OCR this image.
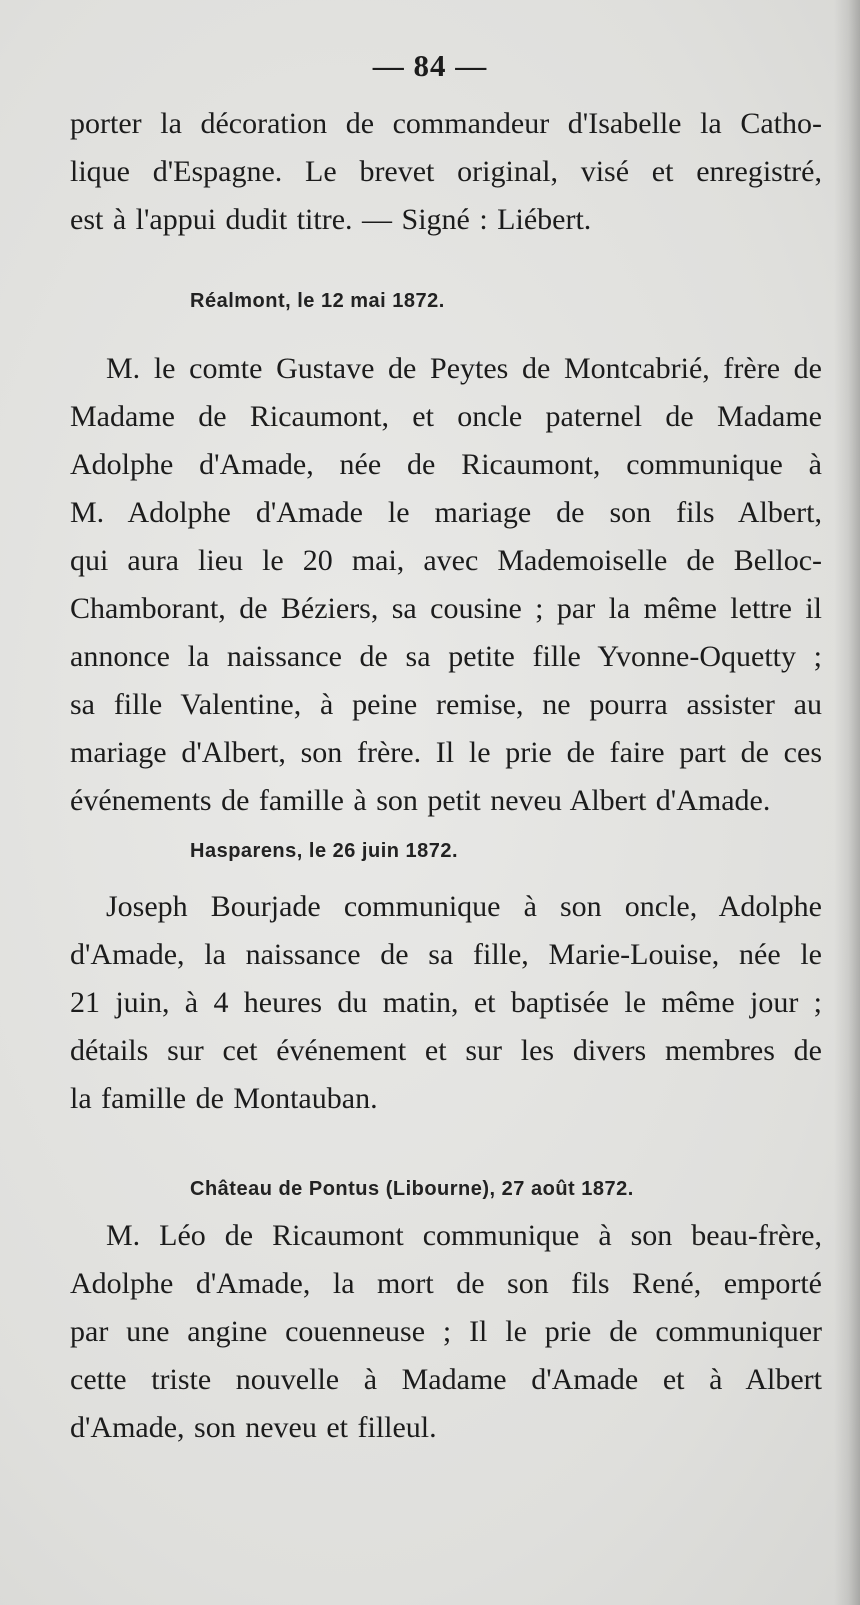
— 84 —
porter la décoration de commandeur d'Isabelle la Catho-
lique d'Espagne. Le brevet original, visé et enregistré,
est à l'appui dudit titre. — Signé : Liébert.
Réalmont, le 12 mai 1872.
M. le comte Gustave de Peytes de Montcabrié, frère de
Madame de Ricaumont, et oncle paternel de Madame
Adolphe d'Amade, née de Ricaumont, communique à
M. Adolphe d'Amade le mariage de son fils Albert,
qui aura lieu le 20 mai, avec Mademoiselle de Belloc-
Chamborant, de Béziers, sa cousine ; par la même lettre il
annonce la naissance de sa petite fille Yvonne-Oquetty ;
sa fille Valentine, à peine remise, ne pourra assister au
mariage d'Albert, son frère. Il le prie de faire part de ces
événements de famille à son petit neveu Albert d'Amade.
Hasparens, le 26 juin 1872.
Joseph Bourjade communique à son oncle, Adolphe
d'Amade, la naissance de sa fille, Marie-Louise, née le
21 juin, à 4 heures du matin, et baptisée le même jour ;
détails sur cet événement et sur les divers membres de
la famille de Montauban.
Château de Pontus (Libourne), 27 août 1872.
M. Léo de Ricaumont communique à son beau-frère,
Adolphe d'Amade, la mort de son fils René, emporté
par une angine couenneuse ; Il le prie de communiquer
cette triste nouvelle à Madame d'Amade et à Albert
d'Amade, son neveu et filleul.
